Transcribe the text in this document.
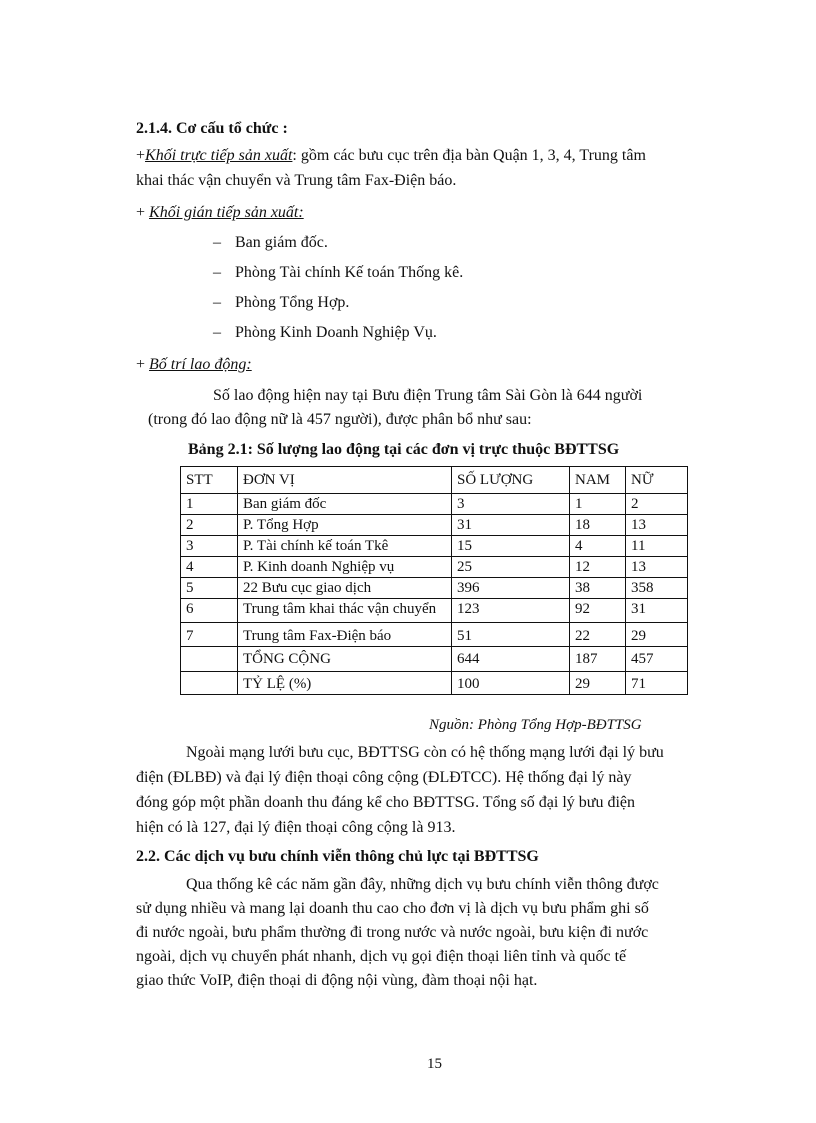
2.1.4. Cơ cấu tổ chức :
+Khối trực tiếp sản xuất: gồm các bưu cục trên địa bàn Quận 1, 3, 4, Trung tâm
khai thác vận chuyển và Trung tâm Fax-Điện báo.
+ Khối gián tiếp sản xuất:
– Ban giám đốc.
– Phòng Tài chính Kế toán Thống kê.
– Phòng Tổng Hợp.
– Phòng Kinh Doanh Nghiệp Vụ.
+ Bố trí lao động:
Số lao động hiện nay tại Bưu điện Trung tâm Sài Gòn là 644 người
(trong đó lao động nữ là 457 người), được phân bổ như sau:
Bảng 2.1: Số lượng lao động tại các đơn vị trực thuộc BĐTTSG
STT	ĐƠN VỊ	SỐ LƯỢNG	NAM	NỮ
1	Ban giám đốc	3	1	2
2	P. Tổng Hợp	31	18	13
3	P. Tài chính kế toán Tkê	15	4	11
4	P. Kinh doanh Nghiệp vụ	25	12	13
5	22 Bưu cục giao dịch	396	38	358
6	Trung tâm khai thác vận chuyển	123	92	31
7	Trung tâm Fax-Điện báo	51	22	29
	TỔNG CỘNG	644	187	457
	TỶ LỆ (%)	100	29	71
Nguồn: Phòng Tổng Hợp-BĐTTSG
Ngoài mạng lưới bưu cục, BĐTTSG còn có hệ thống mạng lưới đại lý bưu
điện (ĐLBĐ) và đại lý điện thoại công cộng (ĐLĐTCC). Hệ thống đại lý này
đóng góp một phần doanh thu đáng kể cho BĐTTSG. Tổng số đại lý bưu điện
hiện có là 127, đại lý điện thoại công cộng là 913.
2.2. Các dịch vụ bưu chính viễn thông chủ lực tại BĐTTSG
Qua thống kê các năm gần đây, những dịch vụ bưu chính viễn thông được
sử dụng nhiều và mang lại doanh thu cao cho đơn vị là dịch vụ bưu phẩm ghi số
đi nước ngoài, bưu phẩm thường đi trong nước và nước ngoài, bưu kiện đi nước
ngoài, dịch vụ chuyển phát nhanh, dịch vụ gọi điện thoại liên tỉnh và quốc tế
giao thức VoIP, điện thoại di động nội vùng, đàm thoại nội hạt.
15
